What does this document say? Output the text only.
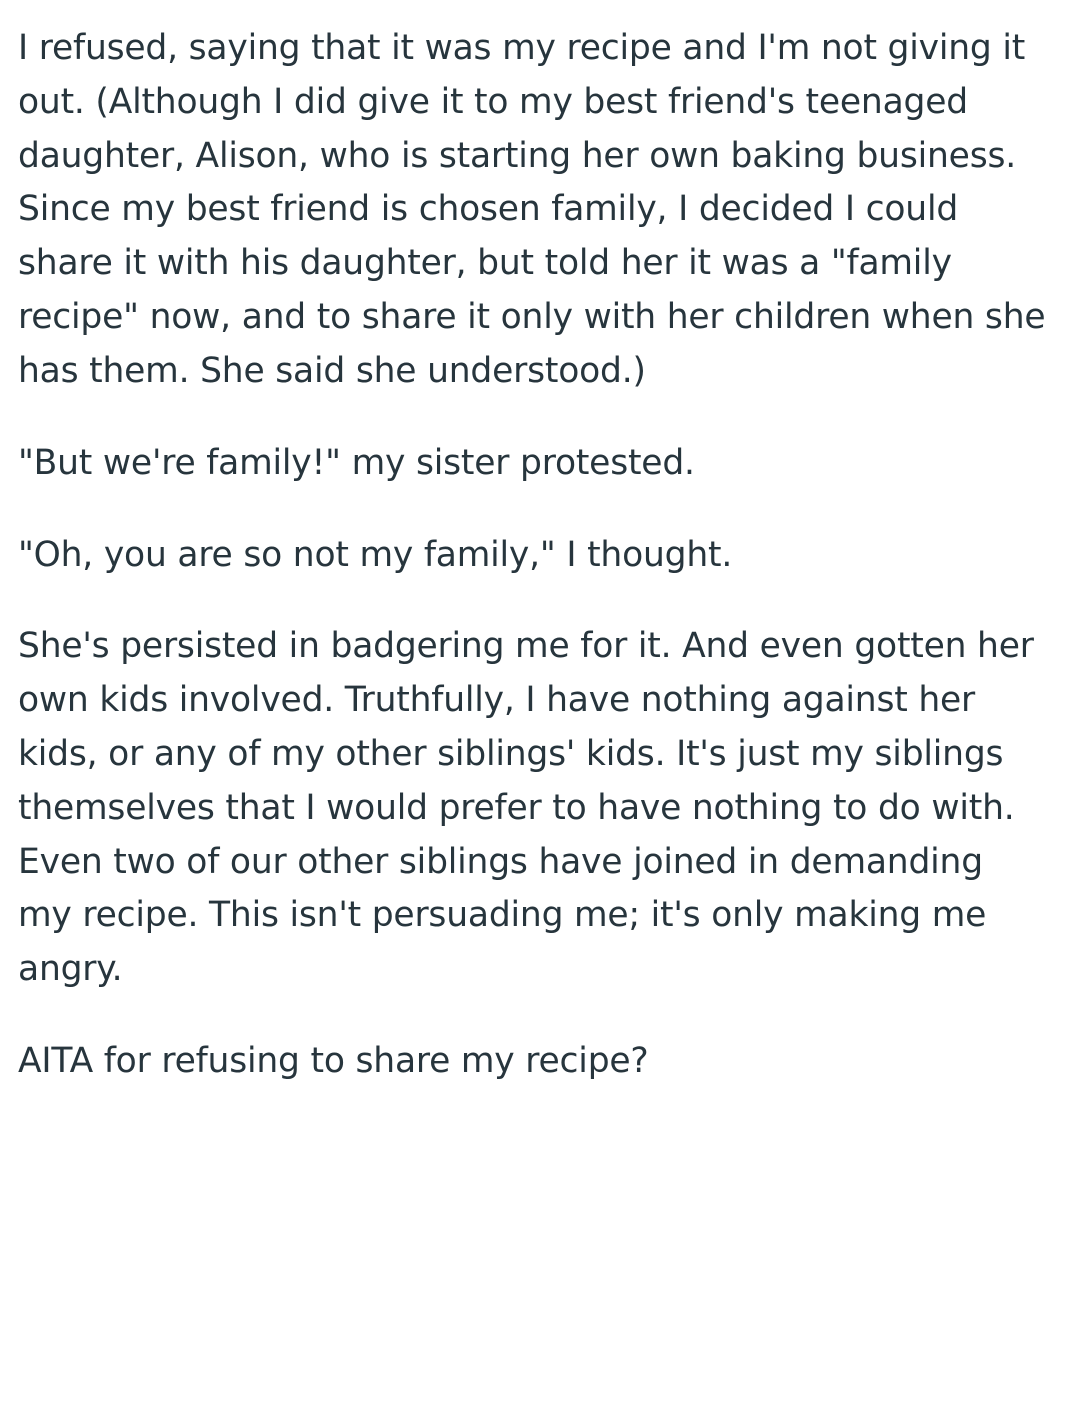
I refused, saying that it was my recipe and I'm not giving it out. (Although I did give it to my best friend's teenaged daughter, Alison, who is starting her own baking business. Since my best friend is chosen family, I decided I could share it with his daughter, but told her it was a "family recipe" now, and to share it only with her children when she has them. She said she understood.)

"But we're family!" my sister protested.

"Oh, you are so not my family," I thought.

She's persisted in badgering me for it. And even gotten her own kids involved. Truthfully, I have nothing against her kids, or any of my other siblings' kids. It's just my siblings themselves that I would prefer to have nothing to do with. Even two of our other siblings have joined in demanding my recipe. This isn't persuading me; it's only making me angry.

AITA for refusing to share my recipe?
